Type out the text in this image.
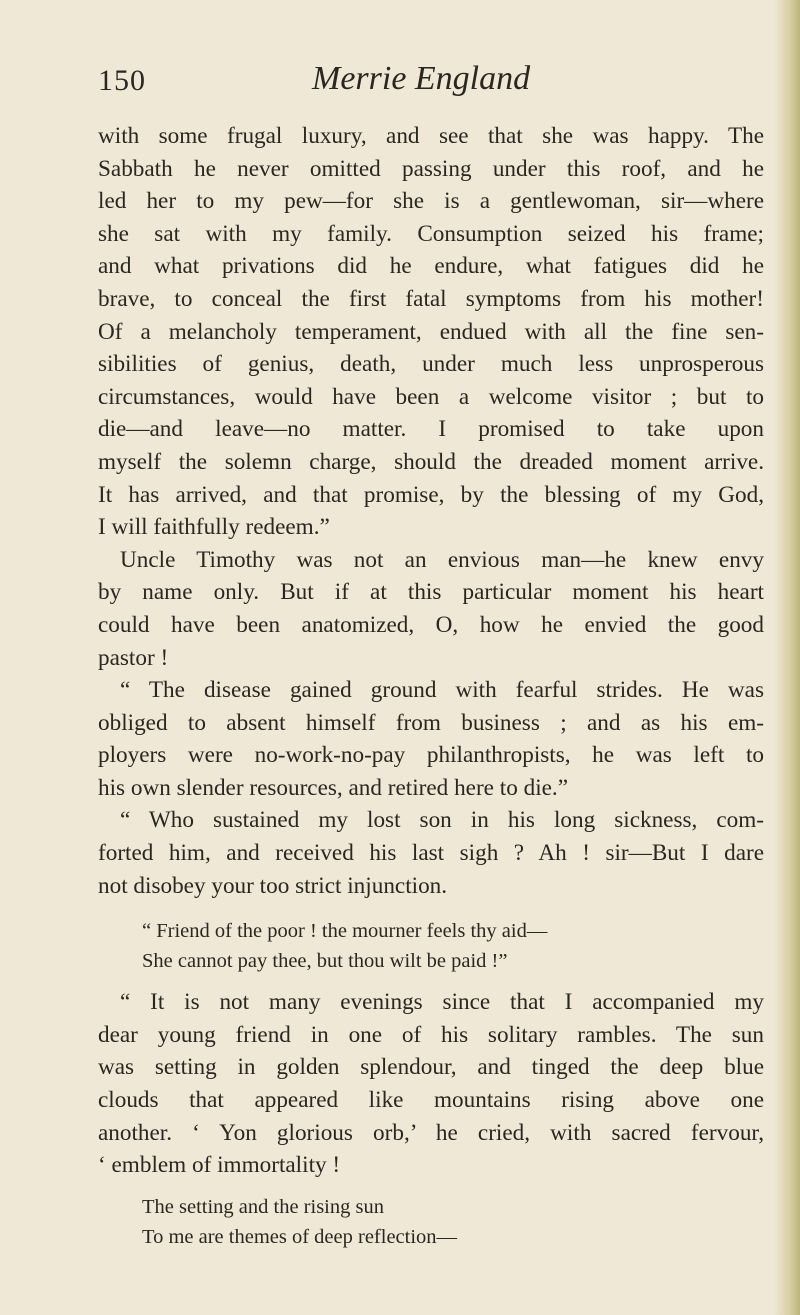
150	Merrie England
with some frugal luxury, and see that she was happy. The
Sabbath he never omitted passing under this roof, and he
led her to my pew—for she is a gentlewoman, sir—where
she sat with my family. Consumption seized his frame;
and what privations did he endure, what fatigues did he
brave, to conceal the first fatal symptoms from his mother!
Of a melancholy temperament, endued with all the fine sen-
sibilities of genius, death, under much less unprosperous
circumstances, would have been a welcome visitor ; but to
die—and leave—no matter. I promised to take upon
myself the solemn charge, should the dreaded moment arrive.
It has arrived, and that promise, by the blessing of my God,
I will faithfully redeem.”
Uncle Timothy was not an envious man—he knew envy
by name only. But if at this particular moment his heart
could have been anatomized, O, how he envied the good
pastor !
“ The disease gained ground with fearful strides. He was
obliged to absent himself from business ; and as his em-
ployers were no-work-no-pay philanthropists, he was left to
his own slender resources, and retired here to die.”
“ Who sustained my lost son in his long sickness, com-
forted him, and received his last sigh ? Ah ! sir—But I dare
not disobey your too strict injunction.
“ Friend of the poor ! the mourner feels thy aid—
She cannot pay thee, but thou wilt be paid !”
“ It is not many evenings since that I accompanied my
dear young friend in one of his solitary rambles. The sun
was setting in golden splendour, and tinged the deep blue
clouds that appeared like mountains rising above one
another. ‘ Yon glorious orb,’ he cried, with sacred fervour,
‘ emblem of immortality !
The setting and the rising sun
To me are themes of deep reflection—
